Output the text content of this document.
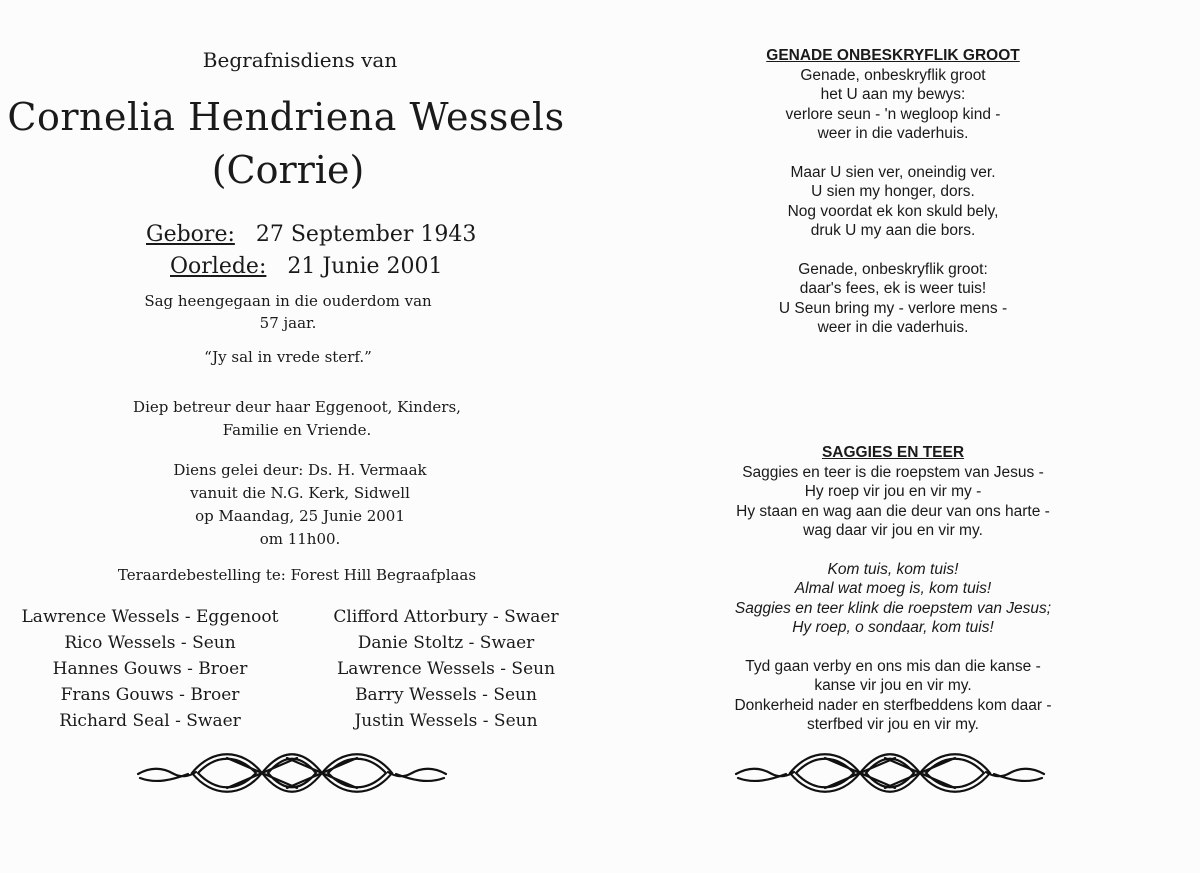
Begrafnisdiens van
Cornelia Hendriena Wessels
(Corrie)
Gebore: 27 September 1943
Oorlede: 21 Junie 2001
Sag heengegaan in die ouderdom van
57 jaar.
“Jy sal in vrede sterf.”
Diep betreur deur haar Eggenoot, Kinders,
Familie en Vriende.
Diens gelei deur: Ds. H. Vermaak
vanuit die N.G. Kerk, Sidwell
op Maandag, 25 Junie 2001
om 11h00.
Teraardebestelling te: Forest Hill Begraafplaas
Lawrence Wessels - Eggenoot
Rico Wessels - Seun
Hannes Gouws - Broer
Frans Gouws - Broer
Richard Seal - Swaer
Clifford Attorbury - Swaer
Danie Stoltz - Swaer
Lawrence Wessels - Seun
Barry Wessels - Seun
Justin Wessels - Seun
GENADE ONBESKRYFLIK GROOT
Genade, onbeskryflik groot
het U aan my bewys:
verlore seun - 'n wegloop kind -
weer in die vaderhuis.
Maar U sien ver, oneindig ver.
U sien my honger, dors.
Nog voordat ek kon skuld bely,
druk U my aan die bors.
Genade, onbeskryflik groot:
daar's fees, ek is weer tuis!
U Seun bring my - verlore mens -
weer in die vaderhuis.
SAGGIES EN TEER
Saggies en teer is die roepstem van Jesus -
Hy roep vir jou en vir my -
Hy staan en wag aan die deur van ons harte -
wag daar vir jou en vir my.
Kom tuis, kom tuis!
Almal wat moeg is, kom tuis!
Saggies en teer klink die roepstem van Jesus;
Hy roep, o sondaar, kom tuis!
Tyd gaan verby en ons mis dan die kanse -
kanse vir jou en vir my.
Donkerheid nader en sterfbeddens kom daar -
sterfbed vir jou en vir my.
